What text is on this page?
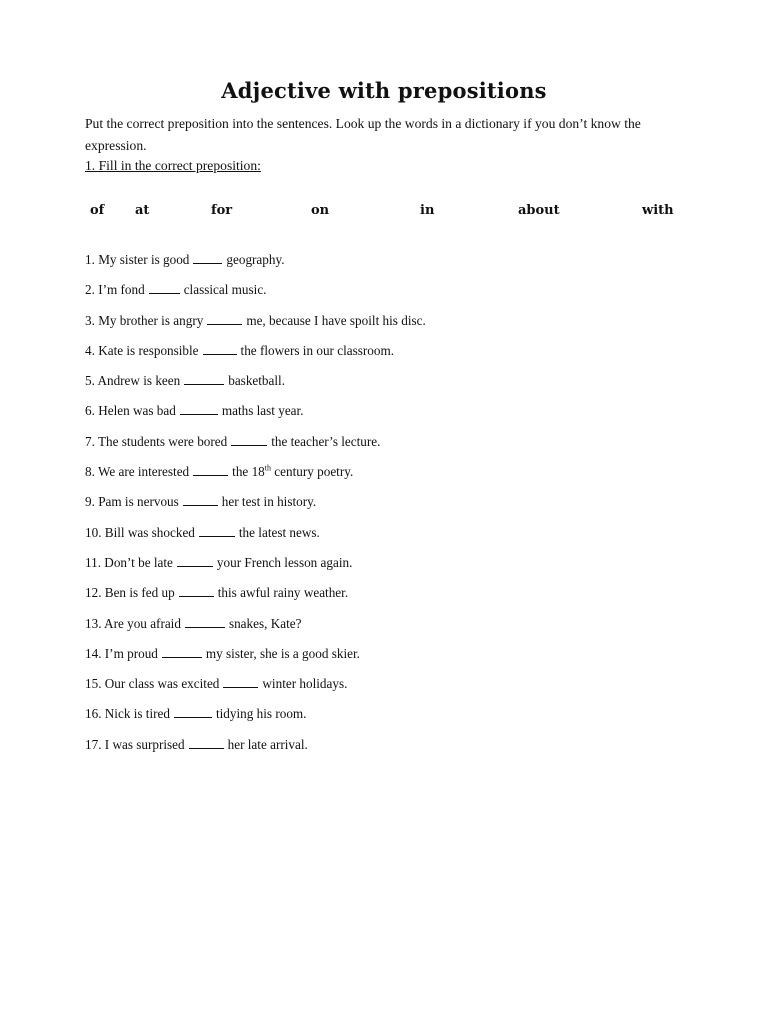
Adjective with prepositions

Put the correct preposition into the sentences. Look up the words in a dictionary if you don’t know the expression.

1. Fill in the correct preposition:

of at	for	on	in	about	with
1. My sister is good	geography.
2. I’m fond	classical music.
3. My brother is angry	me, because I have spoilt his disc.
4. Kate is responsible	the flowers in our classroom.
5. Andrew is keen	basketball.
6. Helen was bad	maths last year.
7. The students were bored	the teacher’s lecture.
8. We are interested	the 18th century poetry.
9. Pam is nervous	her test in history.
10. Bill was shocked	the latest news.
11. Don’t be late	your French lesson again.
12. Ben is fed up	this awful rainy weather.
13. Are you afraid	snakes, Kate?
14. I’m proud	my sister, she is a good skier.
15. Our class was excited	winter holidays.
16. Nick is tired	tidying his room.
17. I was surprised	her late arrival.
